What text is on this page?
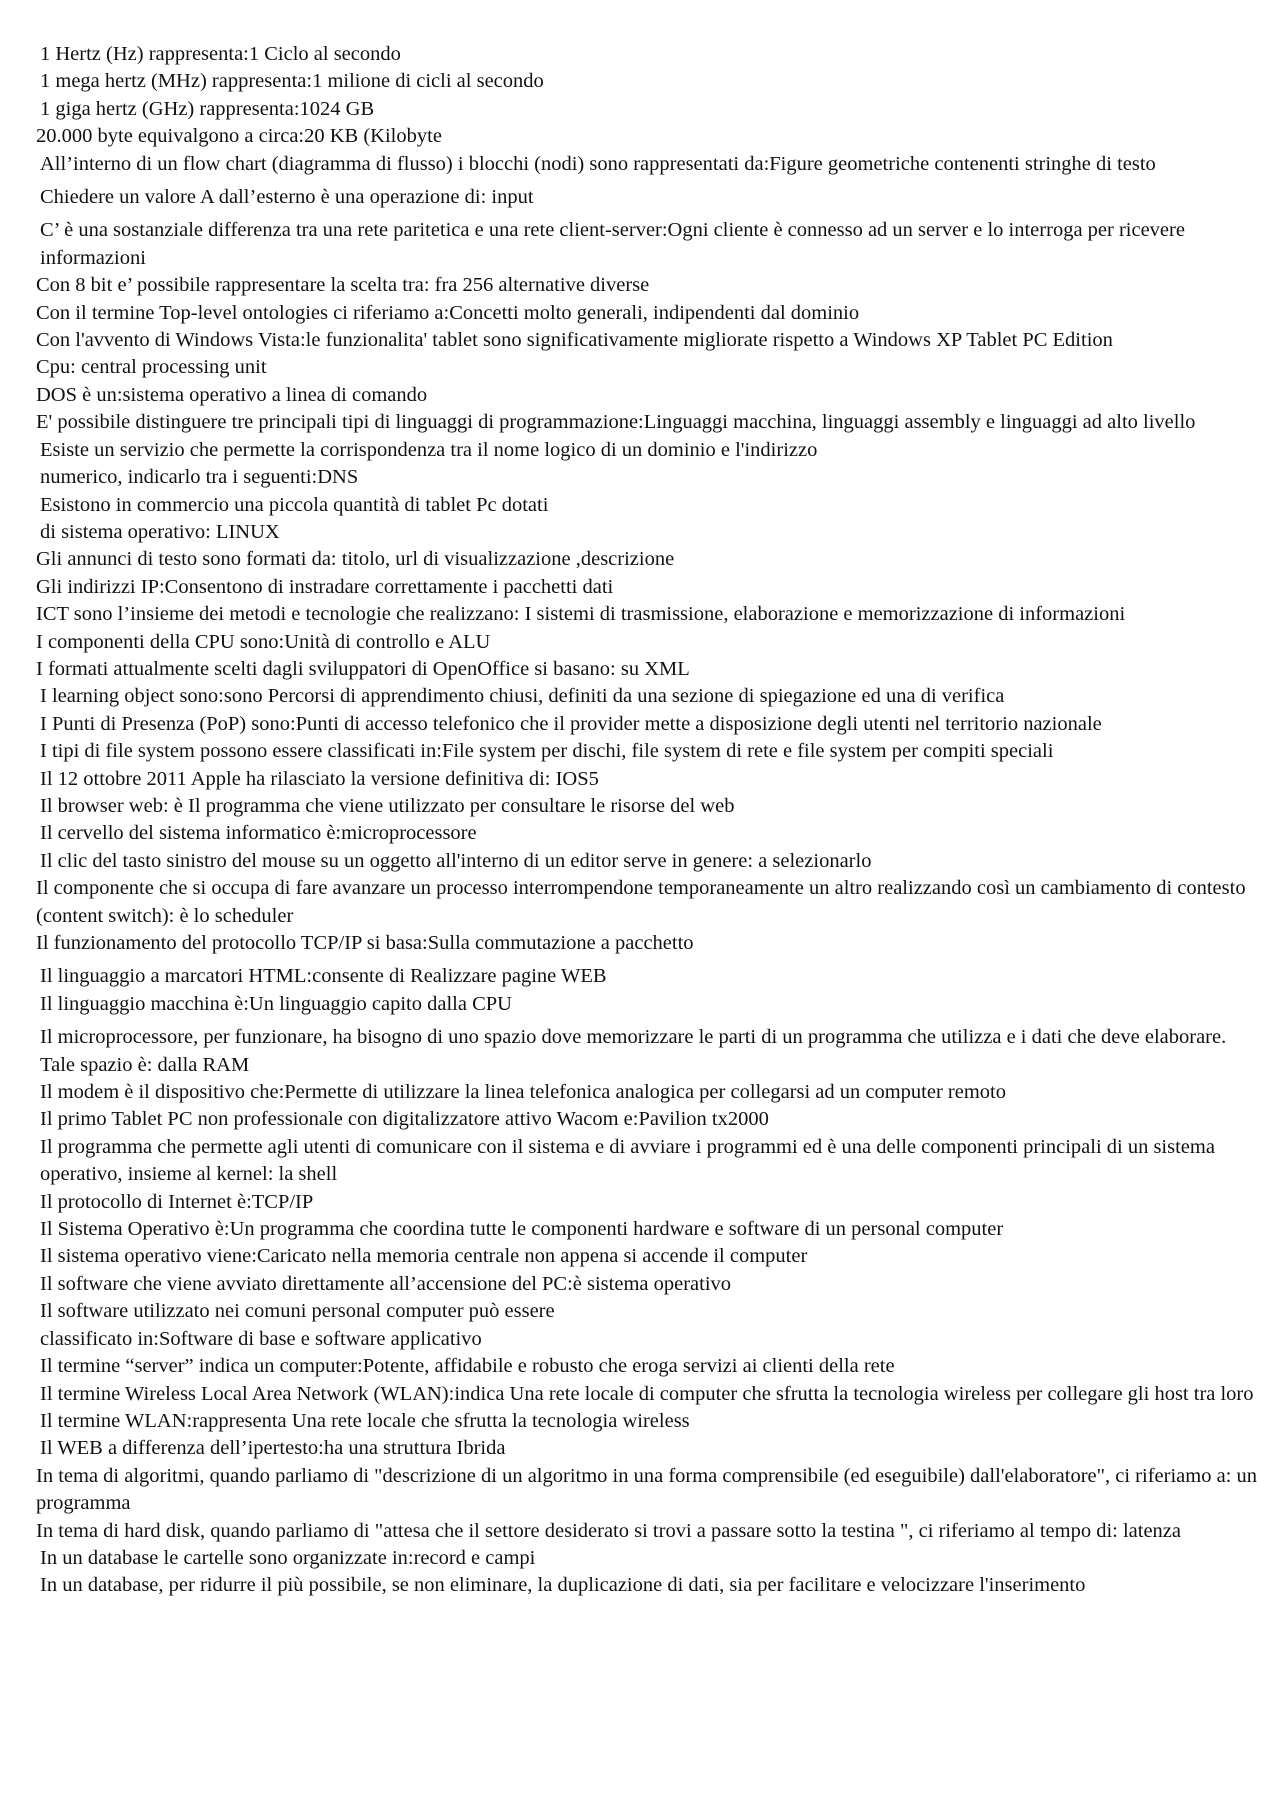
1 Hertz (Hz) rappresenta:1 Ciclo al secondo
1 mega hertz (MHz) rappresenta:1 milione di cicli al secondo
1 giga hertz (GHz) rappresenta:1024 GB
20.000 byte equivalgono a circa:20 KB (Kilobyte
All’interno di un flow chart (diagramma di flusso) i blocchi (nodi) sono rappresentati da:Figure geometriche contenenti stringhe di testo
Chiedere un valore A dall’esterno è una operazione di: input
C’ è una sostanziale differenza tra una rete paritetica e una rete client-server:Ogni cliente è connesso ad un server e lo interroga per ricevere informazioni
Con 8 bit e’ possibile rappresentare la scelta tra: fra 256 alternative diverse
Con il termine Top-level ontologies ci riferiamo a:Concetti molto generali, indipendenti dal dominio
Con l'avvento di Windows Vista:le funzionalita' tablet sono significativamente migliorate rispetto a Windows XP Tablet PC Edition
Cpu: central processing unit
DOS è un:sistema operativo a linea di comando
E' possibile distinguere tre principali tipi di linguaggi di programmazione:Linguaggi macchina, linguaggi assembly e linguaggi ad alto livello
Esiste un servizio che permette la corrispondenza tra il nome logico di un dominio e l'indirizzo
numerico, indicarlo tra i seguenti:DNS
Esistono in commercio una piccola quantità di tablet Pc dotati
di sistema operativo: LINUX
Gli annunci di testo sono formati da: titolo, url di visualizzazione ,descrizione
Gli indirizzi IP:Consentono di instradare correttamente i pacchetti dati
ICT sono l’insieme dei metodi e tecnologie che realizzano: I sistemi di trasmissione, elaborazione e memorizzazione di informazioni
I componenti della CPU sono:Unità di controllo e ALU
I formati attualmente scelti dagli sviluppatori di OpenOffice si basano: su XML
I learning object sono:sono Percorsi di apprendimento chiusi, definiti da una sezione di spiegazione ed una di verifica
I Punti di Presenza (PoP) sono:Punti di accesso telefonico che il provider mette a disposizione degli utenti nel territorio nazionale
I tipi di file system possono essere classificati in:File system per dischi, file system di rete e file system per compiti speciali
Il 12 ottobre 2011 Apple ha rilasciato la versione definitiva di: IOS5
Il browser web: è Il programma che viene utilizzato per consultare le risorse del web
Il cervello del sistema informatico è:microprocessore
Il clic del tasto sinistro del mouse su un oggetto all'interno di un editor serve in genere: a selezionarlo
Il componente che si occupa di fare avanzare un processo interrompendone temporaneamente un altro realizzando così un cambiamento di contesto (content switch): è lo scheduler
Il funzionamento del protocollo TCP/IP si basa:Sulla commutazione a pacchetto
Il linguaggio a marcatori HTML:consente di Realizzare pagine WEB
Il linguaggio macchina è:Un linguaggio capito dalla CPU
Il microprocessore, per funzionare, ha bisogno di uno spazio dove memorizzare le parti di un programma che utilizza e i dati che deve elaborare. Tale spazio è: dalla RAM
Il modem è il dispositivo che:Permette di utilizzare la linea telefonica analogica per collegarsi ad un computer remoto
Il primo Tablet PC non professionale con digitalizzatore attivo Wacom e:Pavilion tx2000
Il programma che permette agli utenti di comunicare con il sistema e di avviare i programmi ed è una delle componenti principali di un sistema operativo, insieme al kernel: la shell
Il protocollo di Internet è:TCP/IP
Il Sistema Operativo è:Un programma che coordina tutte le componenti hardware e software di un personal computer
Il sistema operativo viene:Caricato nella memoria centrale non appena si accende il computer
Il software che viene avviato direttamente all’accensione del PC:è sistema operativo
Il software utilizzato nei comuni personal computer può essere
classificato in:Software di base e software applicativo
Il termine “server” indica un computer:Potente, affidabile e robusto che eroga servizi ai clienti della rete
Il termine Wireless Local Area Network (WLAN):indica Una rete locale di computer che sfrutta la tecnologia wireless per collegare gli host tra loro
Il termine WLAN:rappresenta Una rete locale che sfrutta la tecnologia wireless
Il WEB a differenza dell’ipertesto:ha una struttura Ibrida
In tema di algoritmi, quando parliamo di "descrizione di un algoritmo in una forma comprensibile (ed eseguibile) dall'elaboratore", ci riferiamo a: un programma
In tema di hard disk, quando parliamo di "attesa che il settore desiderato si trovi a passare sotto la testina ", ci riferiamo al tempo di: latenza
In un database le cartelle sono organizzate in:record e campi
In un database, per ridurre il più possibile, se non eliminare, la duplicazione di dati, sia per facilitare e velocizzare l'inserimento
